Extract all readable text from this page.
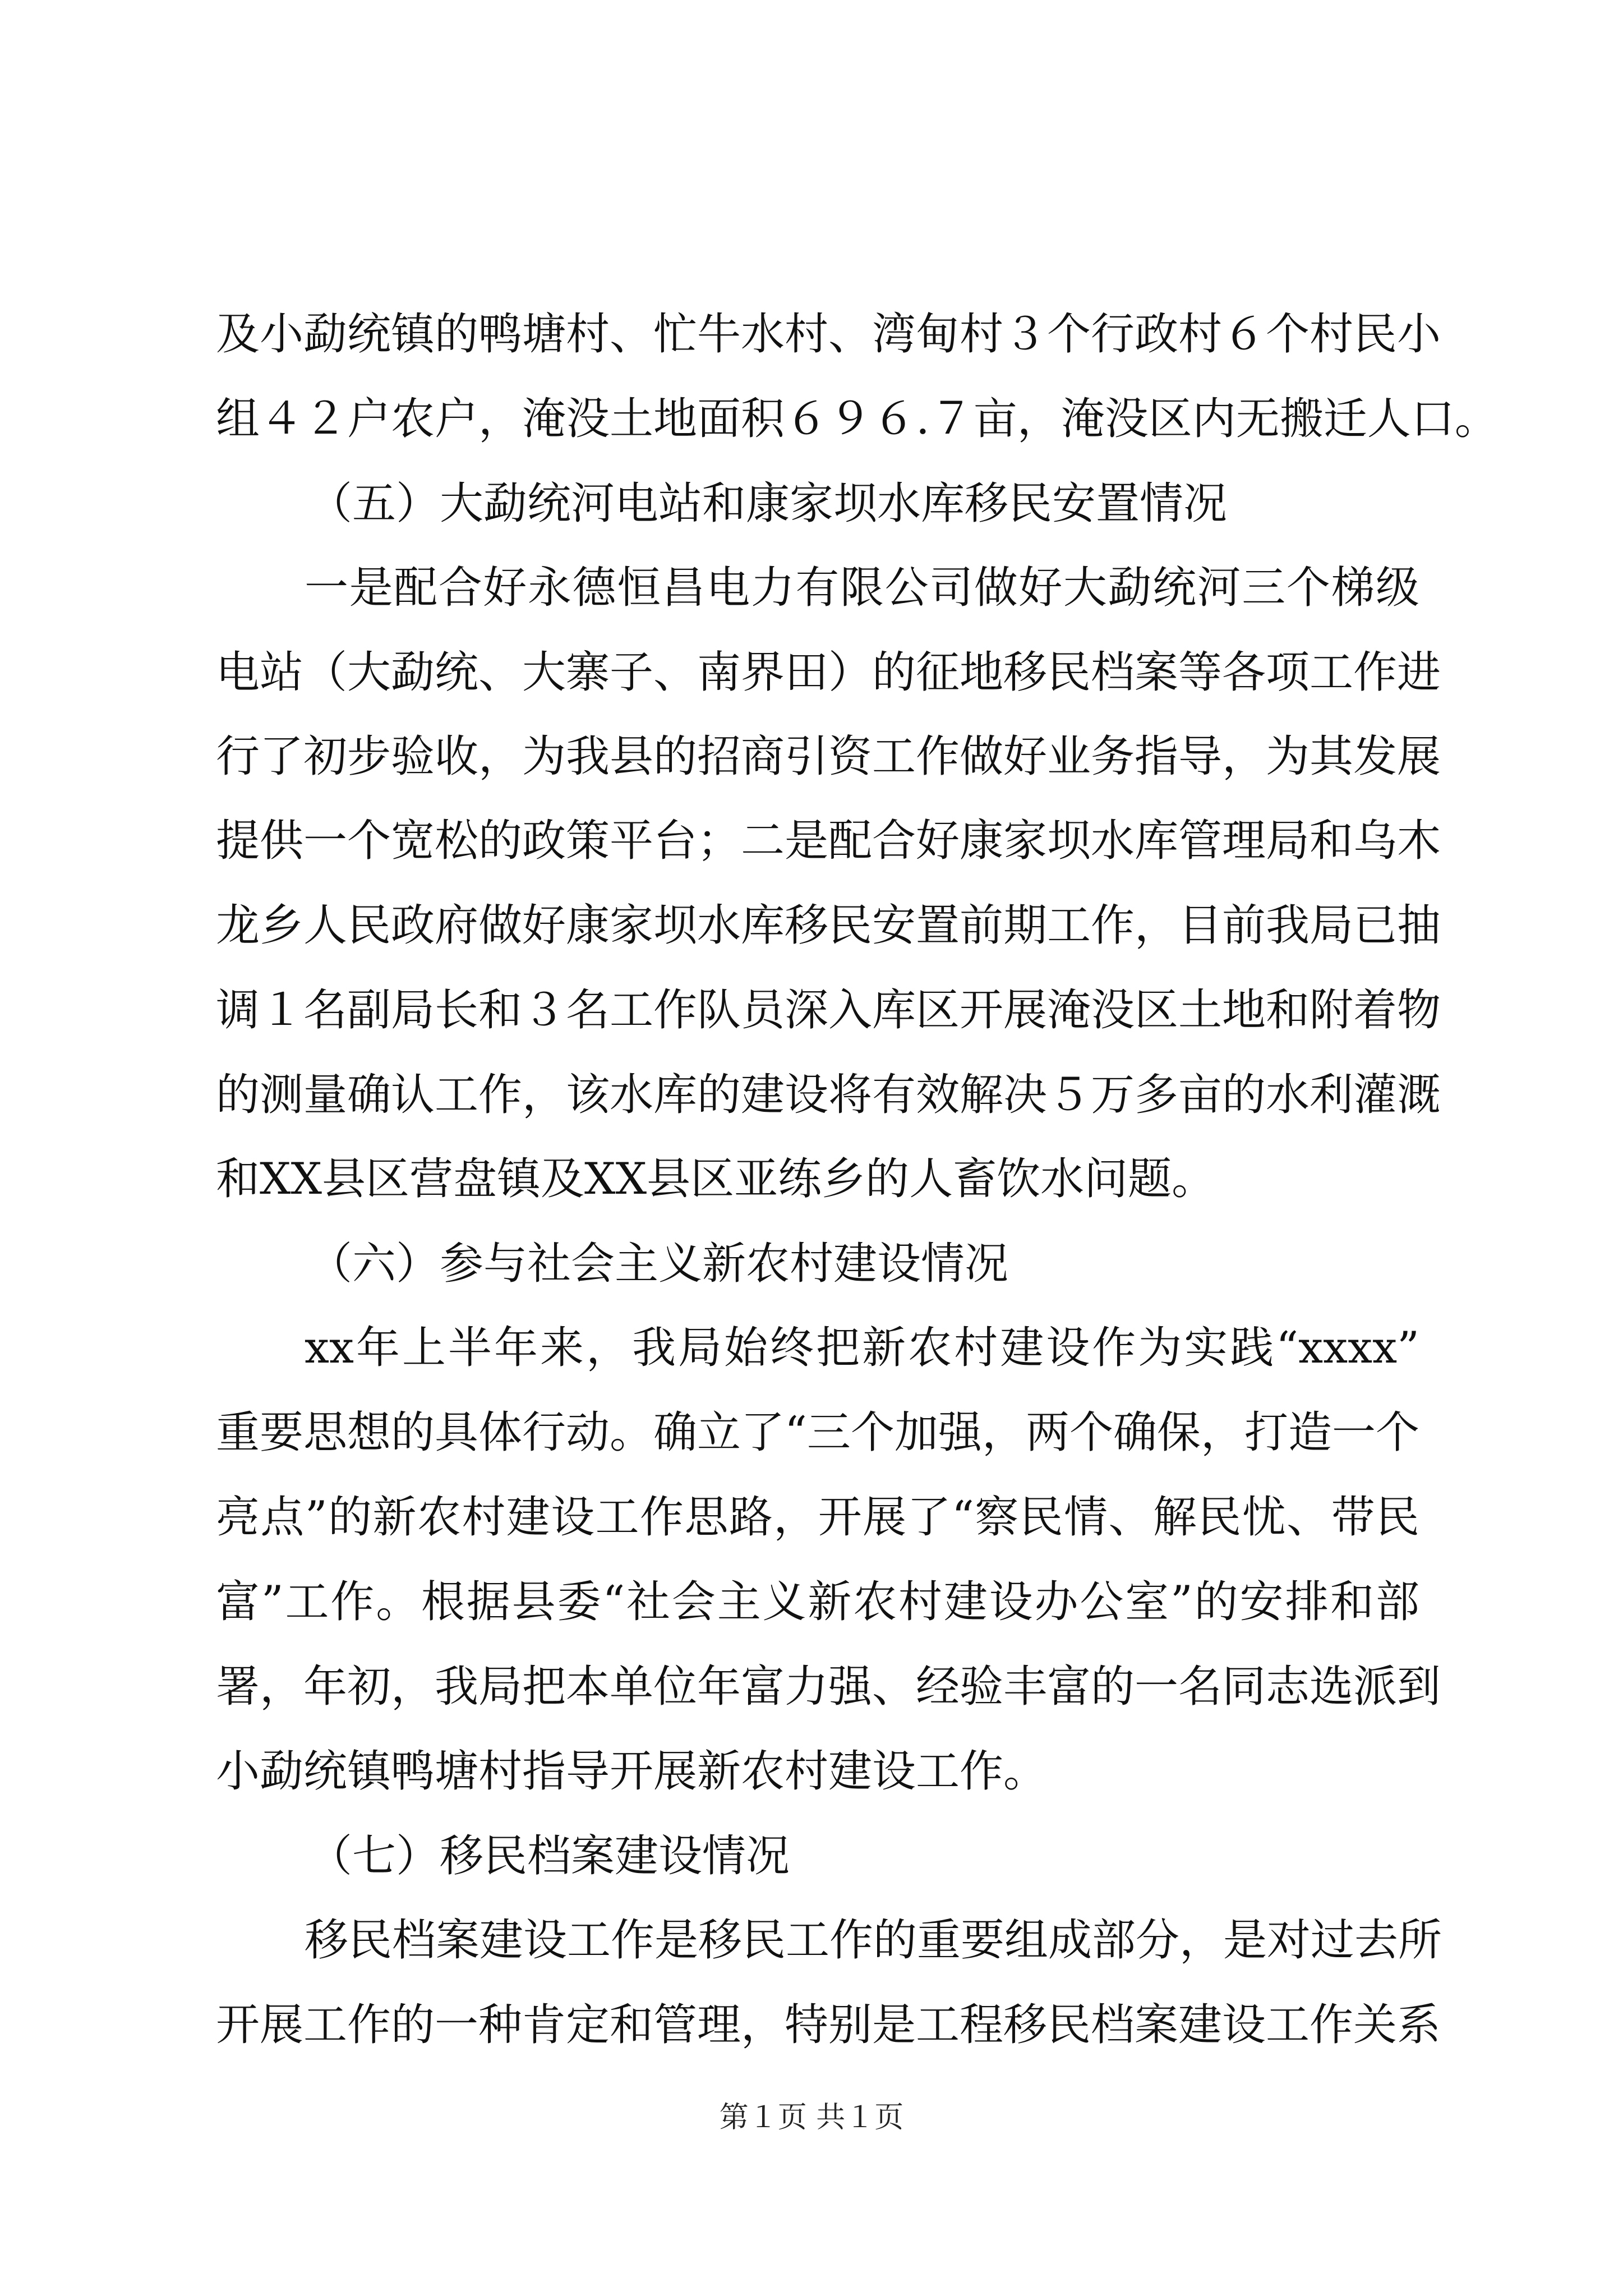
及小勐统镇的鸭塘村、忙牛水村、湾甸村３个行政村６个村民小
组４２户农户，淹没土地面积６９６.７亩，淹没区内无搬迁人口。
（五）大勐统河电站和康家坝水库移民安置情况
一是配合好永德恒昌电力有限公司做好大勐统河三个梯级
电站（大勐统、大寨子、南界田）的征地移民档案等各项工作进
行了初步验收，为我县的招商引资工作做好业务指导，为其发展
提供一个宽松的政策平台；二是配合好康家坝水库管理局和乌木
龙乡人民政府做好康家坝水库移民安置前期工作，目前我局已抽
调１名副局长和３名工作队员深入库区开展淹没区土地和附着物
的测量确认工作，该水库的建设将有效解决５万多亩的水利灌溉
和XX县区营盘镇及XX县区亚练乡的人畜饮水问题。
（六）参与社会主义新农村建设情况
xx年上半年来，我局始终把新农村建设作为实践“xxxx”
重要思想的具体行动。确立了“三个加强，两个确保，打造一个
亮点”的新农村建设工作思路，开展了“察民情、解民忧、带民
富”工作。根据县委“社会主义新农村建设办公室”的安排和部
署，年初，我局把本单位年富力强、经验丰富的一名同志选派到
小勐统镇鸭塘村指导开展新农村建设工作。
（七）移民档案建设情况
移民档案建设工作是移民工作的重要组成部分，是对过去所
开展工作的一种肯定和管理，特别是工程移民档案建设工作关系
第１页 共１页
